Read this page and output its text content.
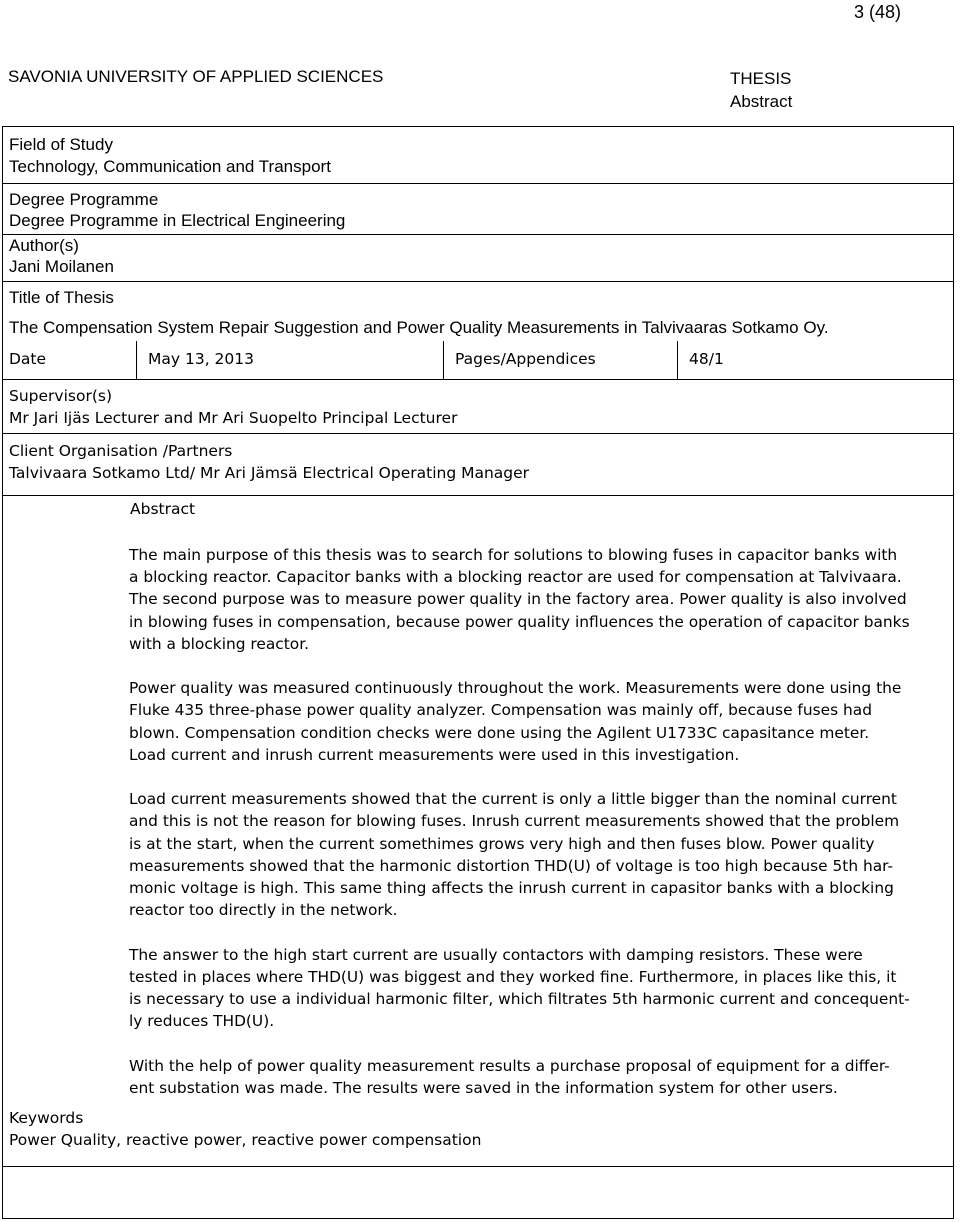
3 (48)
SAVONIA UNIVERSITY OF APPLIED SCIENCES	THESIS
Abstract
Field of Study
Technology, Communication and Transport
Degree Programme
Degree Programme in Electrical Engineering
Author(s)
Jani Moilanen
Title of Thesis
The Compensation System Repair Suggestion and Power Quality Measurements in Talvivaaras Sotkamo Oy.
Date	May 13, 2013	Pages/Appendices	48/1
Supervisor(s)
Mr Jari Ijäs Lecturer and Mr Ari Suopelto Principal Lecturer
Client Organisation /Partners
Talvivaara Sotkamo Ltd/ Mr Ari Jämsä Electrical Operating Manager
Abstract

The main purpose of this thesis was to search for solutions to blowing fuses in capacitor banks with
a blocking reactor. Capacitor banks with a blocking reactor are used for compensation at Talvivaara.
The second purpose was to measure power quality in the factory area. Power quality is also involved
in blowing fuses in compensation, because power quality influences the operation of capacitor banks
with a blocking reactor.

Power quality was measured continuously throughout the work. Measurements were done using the
Fluke 435 three-phase power quality analyzer. Compensation was mainly off, because fuses had
blown. Compensation condition checks were done using the Agilent U1733C capasitance meter.
Load current and inrush current measurements were used in this investigation.

Load current measurements showed that the current is only a little bigger than the nominal current
and this is not the reason for blowing fuses. Inrush current measurements showed that the problem
is at the start, when the current somethimes grows very high and then fuses blow. Power quality
measurements showed that the harmonic distortion THD(U) of voltage is too high because 5th har-
monic voltage is high. This same thing affects the inrush current in capasitor banks with a blocking
reactor too directly in the network.

The answer to the high start current are usually contactors with damping resistors. These were
tested in places where THD(U) was biggest and they worked fine. Furthermore, in places like this, it
is necessary to use a individual harmonic filter, which filtrates 5th harmonic current and concequent-
ly reduces THD(U).

With the help of power quality measurement results a purchase proposal of equipment for a differ-
ent substation was made. The results were saved in the information system for other users.

Keywords
Power Quality, reactive power, reactive power compensation
